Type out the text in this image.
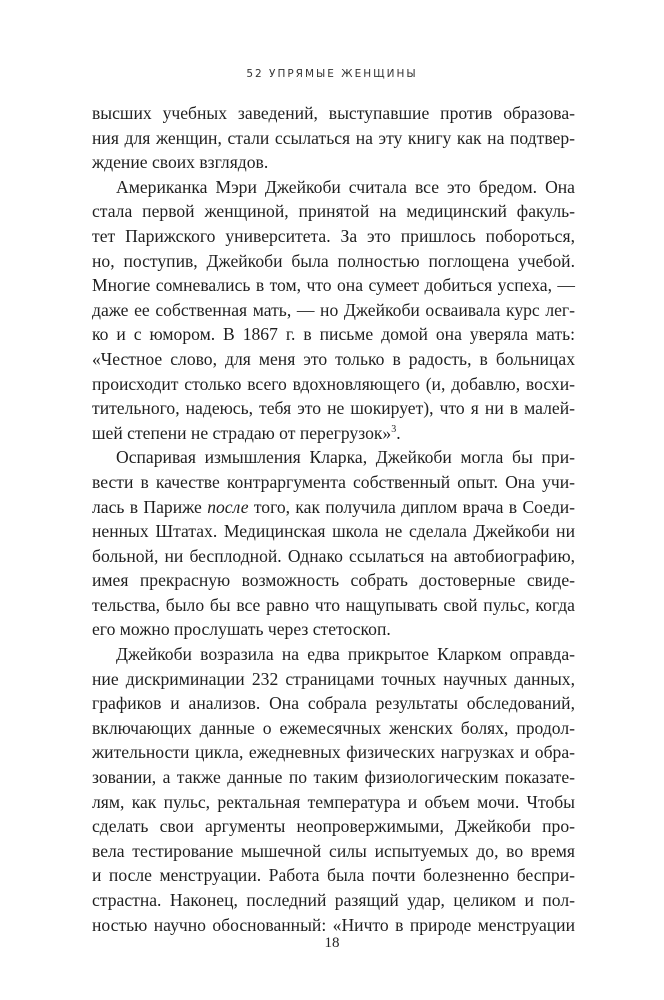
52 УПРЯМЫЕ ЖЕНЩИНЫ

высших учебных заведений, выступавшие против образова-
ния для женщин, стали ссылаться на эту книгу как на подтвер-
ждение своих взглядов.

Американка Мэри Джейкоби считала все это бредом. Она
стала первой женщиной, принятой на медицинский факуль-
тет Парижского университета. За это пришлось побороться,
но, поступив, Джейкоби была полностью поглощена учебой.
Многие сомневались в том, что она сумеет добиться успеха, —
даже ее собственная мать, — но Джейкоби осваивала курс лег-
ко и с юмором. В 1867 г. в письме домой она уверяла мать:
«Честное слово, для меня это только в радость, в больницах
происходит столько всего вдохновляющего (и, добавлю, восхи-
тительного, надеюсь, тебя это не шокирует), что я ни в малей-
шей степени не страдаю от перегрузок»$^3$.

Оспаривая измышления Кларка, Джейкоби могла бы при-
вести в качестве контраргумента собственный опыт. Она учи-
лась в Париже после того, как получила диплом врача в Соеди-
ненных Штатах. Медицинская школа не сделала Джейкоби ни
больной, ни бесплодной. Однако ссылаться на автобиографию,
имея прекрасную возможность собрать достоверные свиде-
тельства, было бы все равно что нащупывать свой пульс, когда
его можно прослушать через стетоскоп.

Джейкоби возразила на едва прикрытое Кларком оправда-
ние дискриминации 232 страницами точных научных данных,
графиков и анализов. Она собрала результаты обследований,
включающих данные о ежемесячных женских болях, продол-
жительности цикла, ежедневных физических нагрузках и обра-
зовании, а также данные по таким физиологическим показате-
лям, как пульс, ректальная температура и объем мочи. Чтобы
сделать свои аргументы неопровержимыми, Джейкоби про-
вела тестирование мышечной силы испытуемых до, во время
и после менструации. Работа была почти болезненно беспри-
страстна. Наконец, последний разящий удар, целиком и пол-
ностью научно обоснованный: «Ничто в природе менструации

18
